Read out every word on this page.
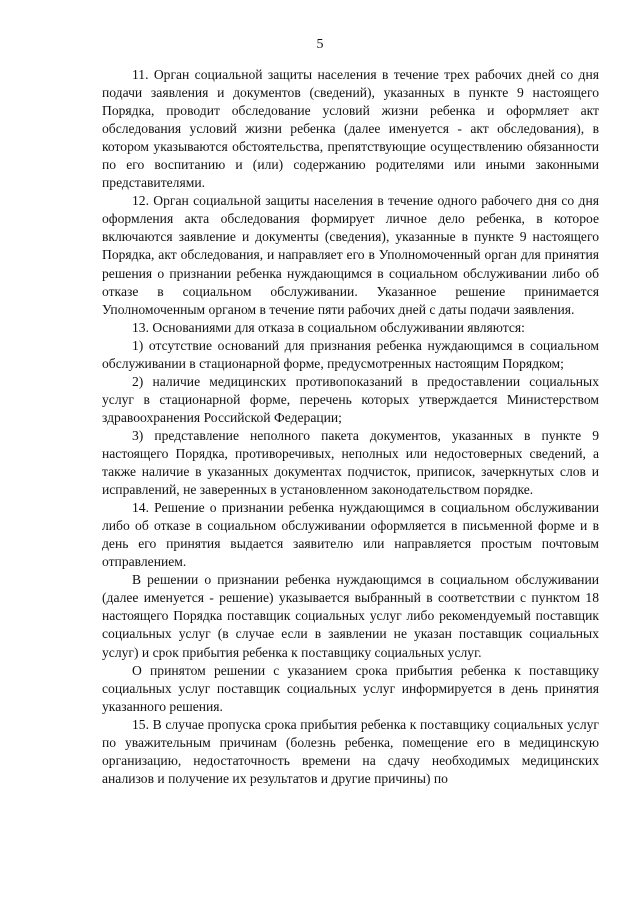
5

11. Орган социальной защиты населения в течение трех рабочих дней со дня подачи заявления и документов (сведений), указанных в пункте 9 настоящего Порядка, проводит обследование условий жизни ребенка и оформляет акт обследования условий жизни ребенка (далее именуется - акт обследования), в котором указываются обстоятельства, препятствующие осуществлению обязанности по его воспитанию и (или) содержанию родителями или иными законными представителями.

12. Орган социальной защиты населения в течение одного рабочего дня со дня оформления акта обследования формирует личное дело ребенка, в которое включаются заявление и документы (сведения), указанные в пункте 9 настоящего Порядка, акт обследования, и направляет его в Уполномоченный орган для принятия решения о признании ребенка нуждающимся в социальном обслуживании либо об отказе в социальном обслуживании. Указанное решение принимается Уполномоченным органом в течение пяти рабочих дней с даты подачи заявления.

13. Основаниями для отказа в социальном обслуживании являются:

1) отсутствие оснований для признания ребенка нуждающимся в социальном обслуживании в стационарной форме, предусмотренных настоящим Порядком;

2) наличие медицинских противопоказаний в предоставлении социальных услуг в стационарной форме, перечень которых утверждается Министерством здравоохранения Российской Федерации;

3) представление неполного пакета документов, указанных в пункте 9 настоящего Порядка, противоречивых, неполных или недостоверных сведений, а также наличие в указанных документах подчисток, приписок, зачеркнутых слов и исправлений, не заверенных в установленном законодательством порядке.

14. Решение о признании ребенка нуждающимся в социальном обслуживании либо об отказе в социальном обслуживании оформляется в письменной форме и в день его принятия выдается заявителю или направляется простым почтовым отправлением.

В решении о признании ребенка нуждающимся в социальном обслуживании (далее именуется - решение) указывается выбранный в соответствии с пунктом 18 настоящего Порядка поставщик социальных услуг либо рекомендуемый поставщик социальных услуг (в случае если в заявлении не указан поставщик социальных услуг) и срок прибытия ребенка к поставщику социальных услуг.

О принятом решении с указанием срока прибытия ребенка к поставщику социальных услуг поставщик социальных услуг информируется в день принятия указанного решения.

15. В случае пропуска срока прибытия ребенка к поставщику социальных услуг по уважительным причинам (болезнь ребенка, помещение его в медицинскую организацию, недостаточность времени на сдачу необходимых медицинских анализов и получение их результатов и другие причины) по
